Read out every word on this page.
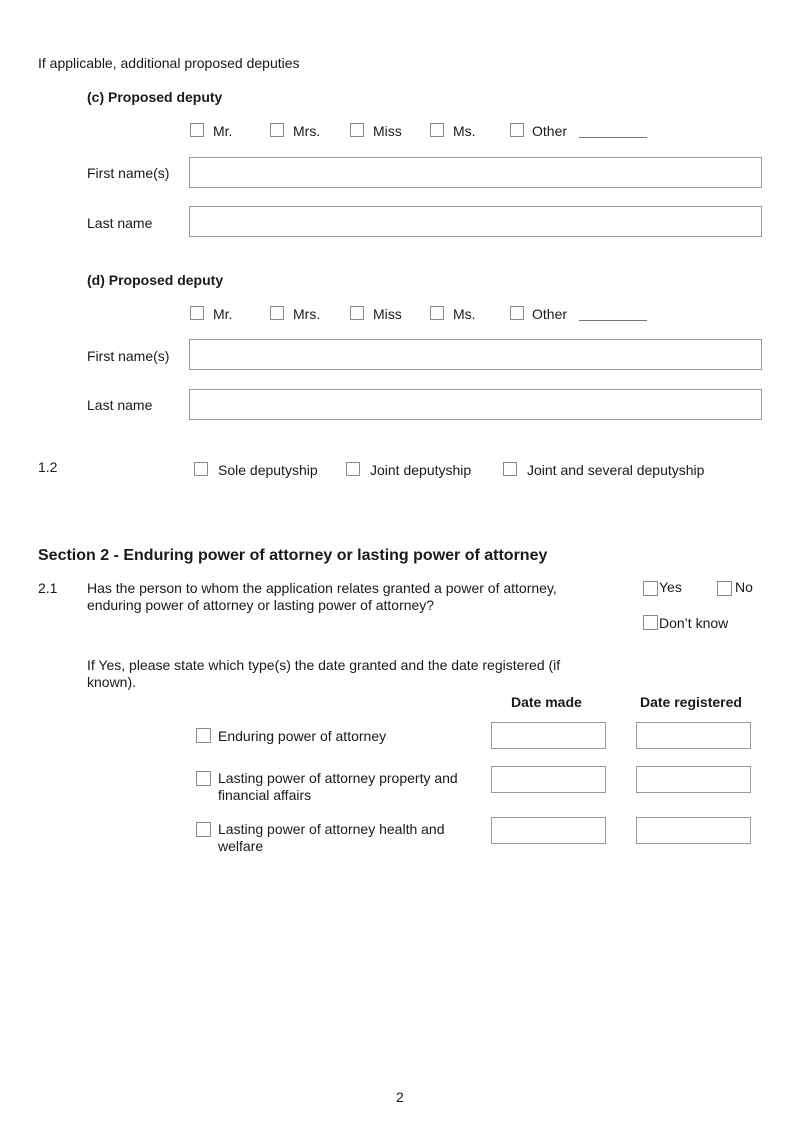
If applicable, additional proposed deputies
(c) Proposed deputy
Mr.	Mrs.	Miss	Ms.	Other
First name(s)
Last name
(d) Proposed deputy
Mr.	Mrs.	Miss	Ms.	Other
First name(s)
Last name
1.2	Sole deputyship	Joint deputyship	Joint and several deputyship
Section 2 - Enduring power of attorney or lasting power of attorney
2.1 Has the person to whom the application relates granted a power of attorney, enduring power of attorney or lasting power of attorney?
Yes	No
Don’t know
If Yes, please state which type(s) the date granted and the date registered (if known).
Date made	Date registered
Enduring power of attorney
Lasting power of attorney property and financial affairs
Lasting power of attorney health and welfare
2
